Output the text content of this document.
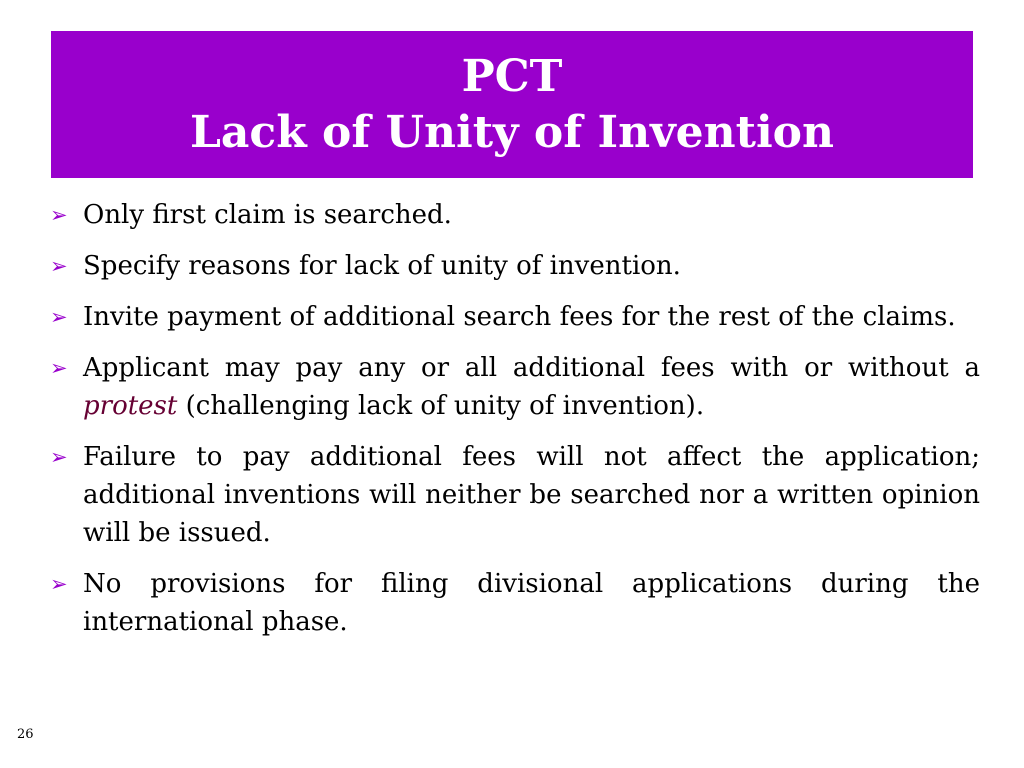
PCT
Lack of Unity of Invention
➢ Only first claim is searched.
➢ Specify reasons for lack of unity of invention.
➢ Invite payment of additional search fees for the rest of the claims.
➢ Applicant may pay any or all additional fees with or without a protest (challenging lack of unity of invention).
➢ Failure to pay additional fees will not affect the application; additional inventions will neither be searched nor a written opinion will be issued.
➢ No provisions for filing divisional applications during the international phase.
26
